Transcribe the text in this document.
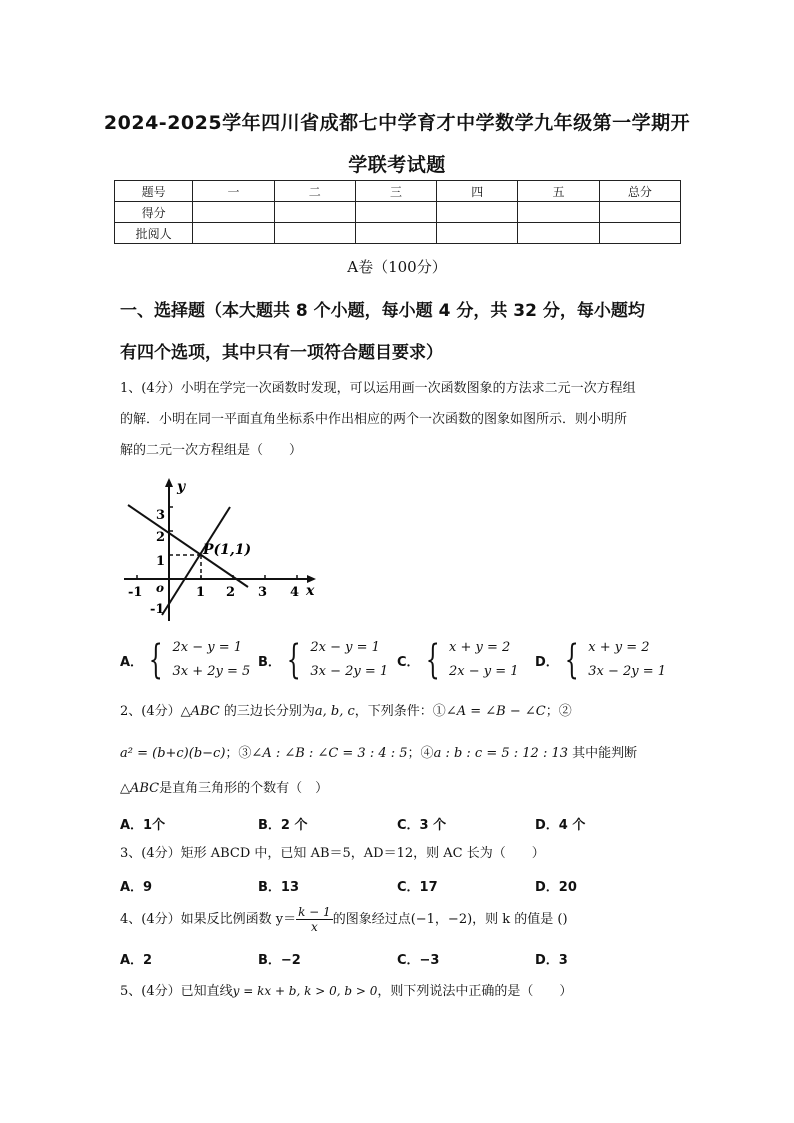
2024-2025学年四川省成都七中学育才中学数学九年级第一学期开
学联考试题
题号	一	二	三	四	五	总分
得分						
批阅人						
A卷（100分）
一、选择题（本大题共 8 个小题，每小题 4 分，共 32 分，每小题均
有四个选项，其中只有一项符合题目要求）
1、(4分）小明在学完一次函数时发现，可以运用画一次函数图象的方法求二元一次方程组
的解．小明在同一平面直角坐标系中作出相应的两个一次函数的图象如图所示．则小明所
解的二元一次方程组是（　　）
y
x
o
P(1,1)
-1	1 2 3 4
3
2
1
-1
A． { 2x − y = 1
3x + 2y = 5
B． { 2x − y = 1
3x − 2y = 1
C． { x + y = 2
2x − y = 1
D． { x + y = 2
3x − 2y = 1
2、(4分）△ABC 的三边长分别为a, b, c，下列条件：①∠A = ∠B − ∠C；②
a² = (b+c)(b−c)；③∠A : ∠B : ∠C = 3 : 4 : 5；④a : b : c = 5 : 12 : 13 其中能判断
△ABC是直角三角形的个数有（　）
A．1个	B．2 个	C．3 个	D．4 个
3、(4分）矩形 ABCD 中，已知 AB＝5，AD＝12，则 AC 长为（　　）
A．9	B．13	C．17	D．20
4、(4分）如果反比例函数 $y= \frac{k - 1}{x}$ 的图象经过点(−1，−2)，则 k 的值是 ()
A．2	B．−2	C．−3	D．3
5、(4分）已知直线y = kx + b, k > 0, b > 0，则下列说法中正确的是（　　）
